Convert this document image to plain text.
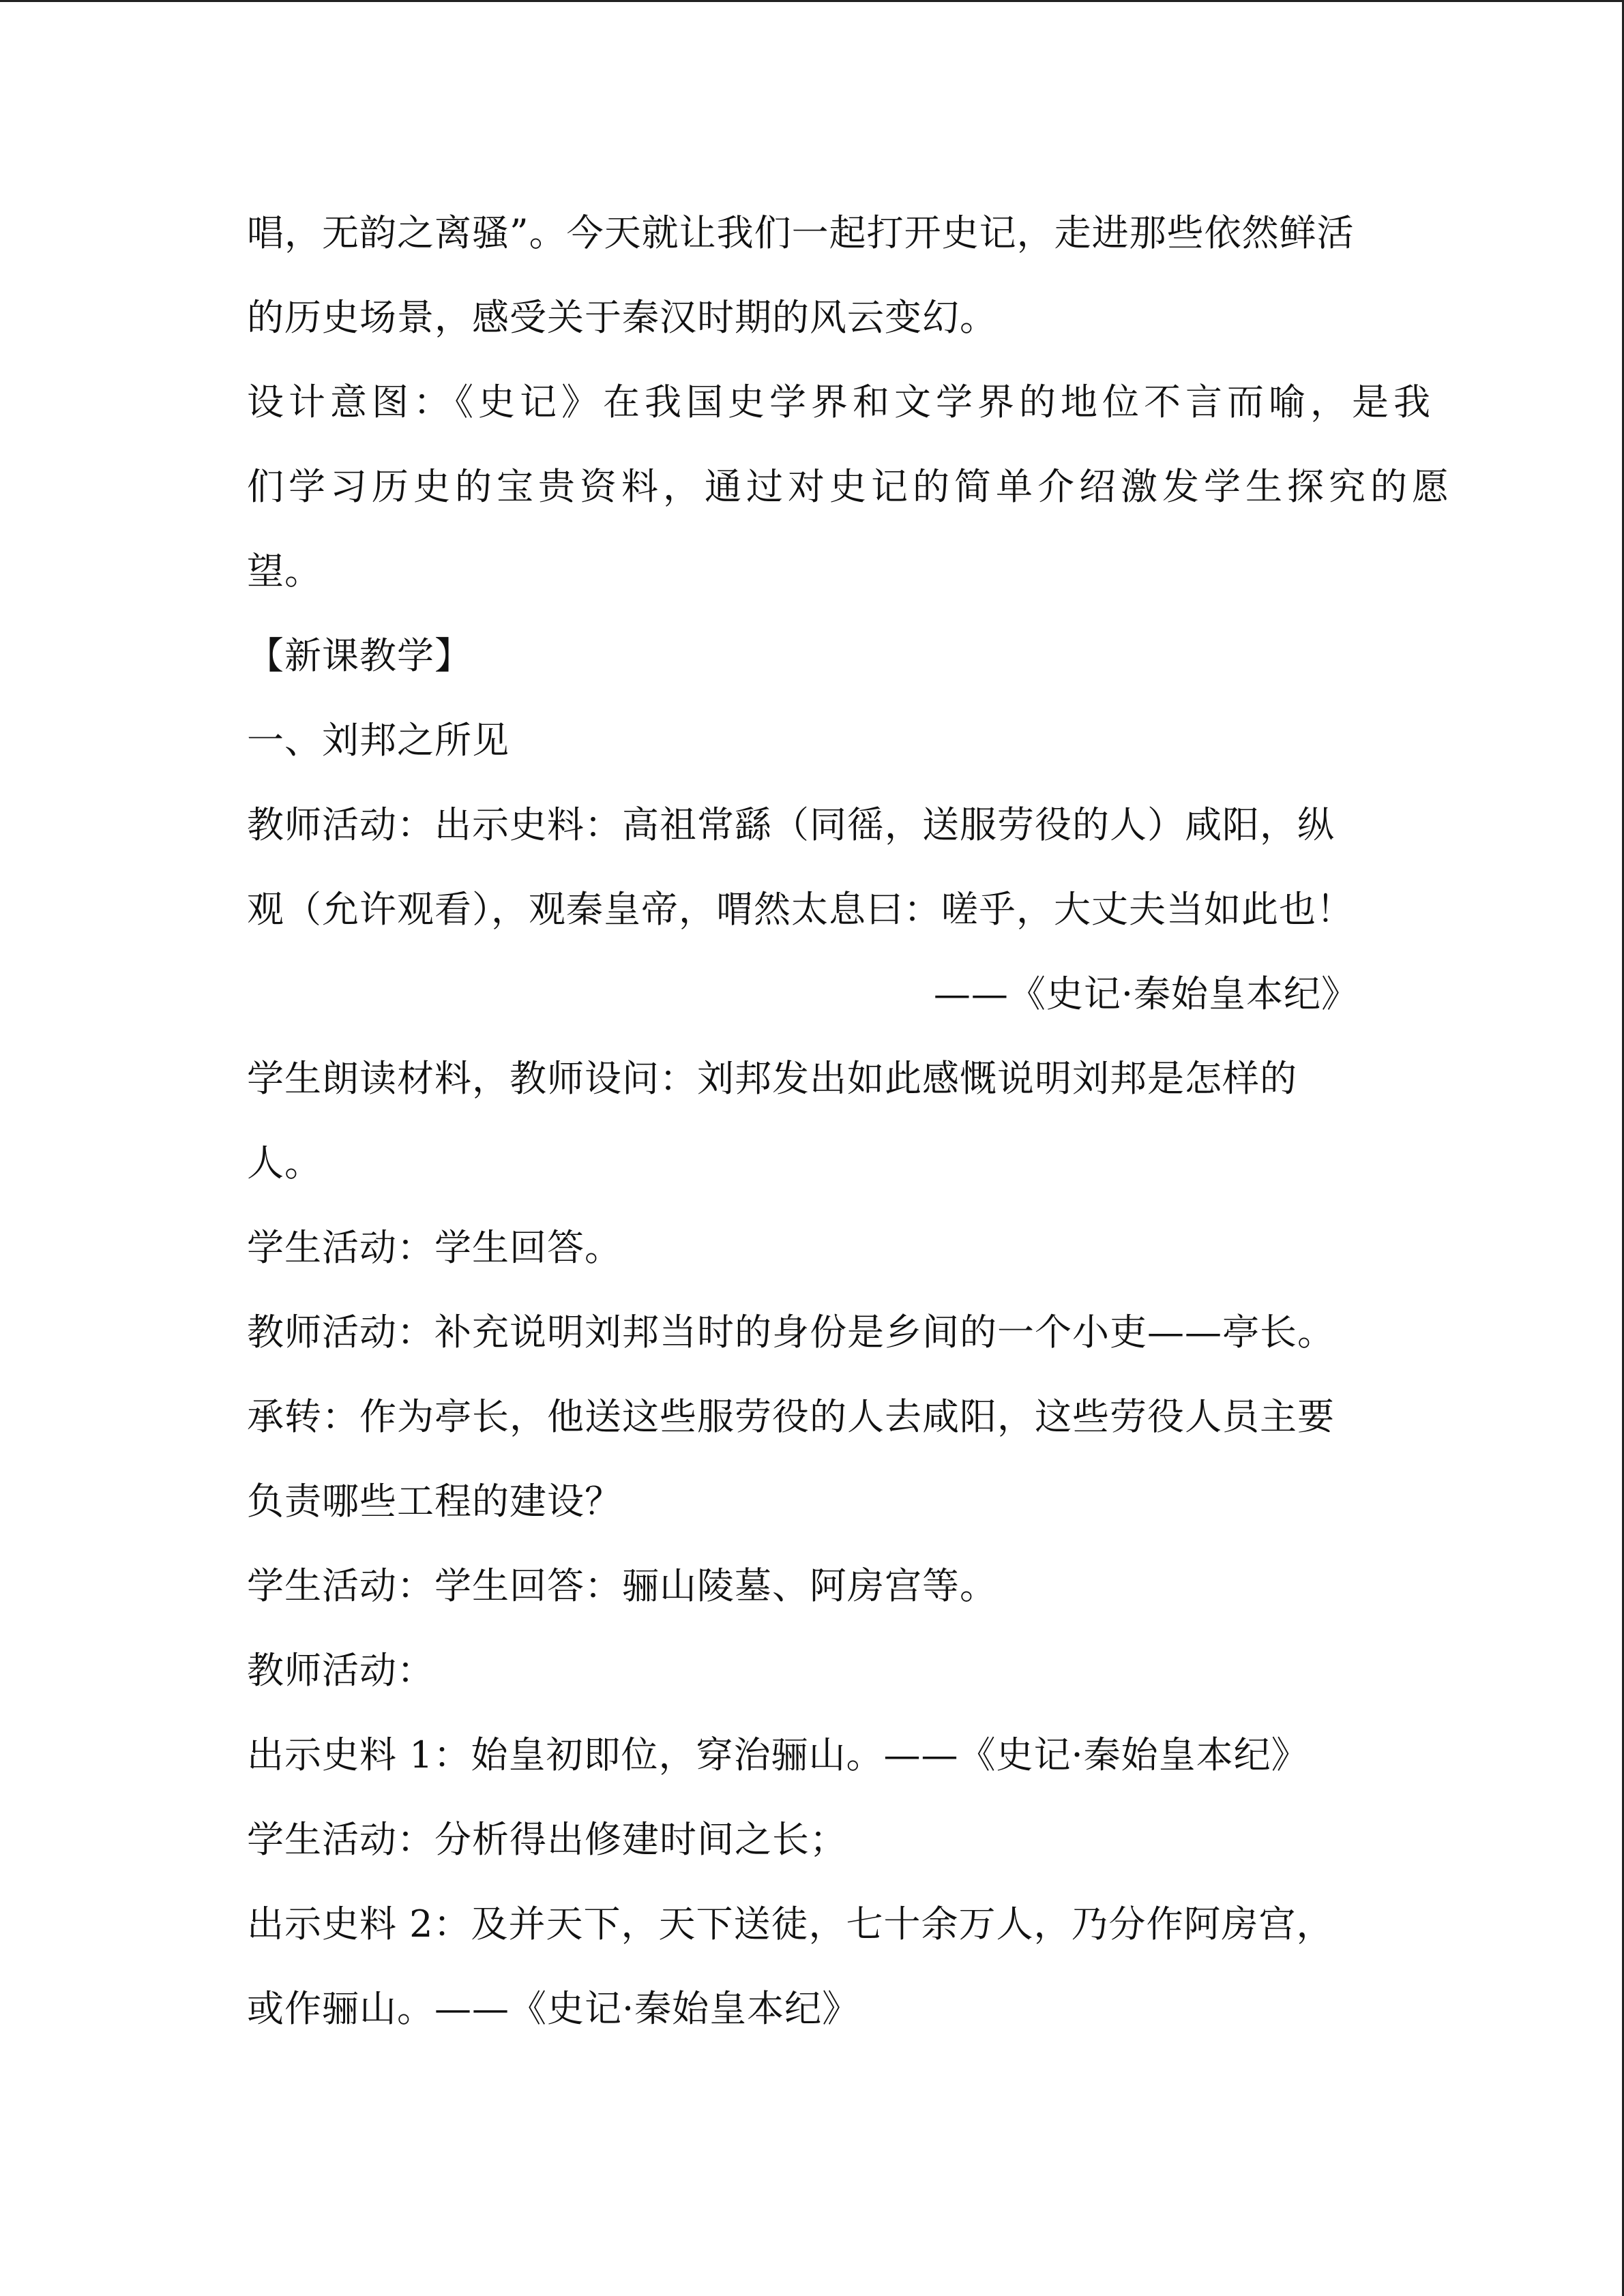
唱，无韵之离骚”。今天就让我们一起打开史记，走进那些依然鲜活
的历史场景，感受关于秦汉时期的风云变幻。
设计意图：《史记》在我国史学界和文学界的地位不言而喻，是我
们学习历史的宝贵资料，通过对史记的简单介绍激发学生探究的愿
望。
【新课教学】
一、刘邦之所见
教师活动：出示史料：高祖常繇（同徭，送服劳役的人）咸阳，纵
观（允许观看），观秦皇帝，喟然太息曰：嗟乎，大丈夫当如此也！
——《史记·秦始皇本纪》
学生朗读材料，教师设问：刘邦发出如此感慨说明刘邦是怎样的
人。
学生活动：学生回答。
教师活动：补充说明刘邦当时的身份是乡间的一个小吏——亭长。
承转：作为亭长，他送这些服劳役的人去咸阳，这些劳役人员主要
负责哪些工程的建设？
学生活动：学生回答：骊山陵墓、阿房宫等。
教师活动：
出示史料 1：始皇初即位，穿治骊山。——《史记·秦始皇本纪》
学生活动：分析得出修建时间之长；
出示史料 2：及并天下，天下送徒，七十余万人，乃分作阿房宫，
或作骊山。——《史记·秦始皇本纪》
